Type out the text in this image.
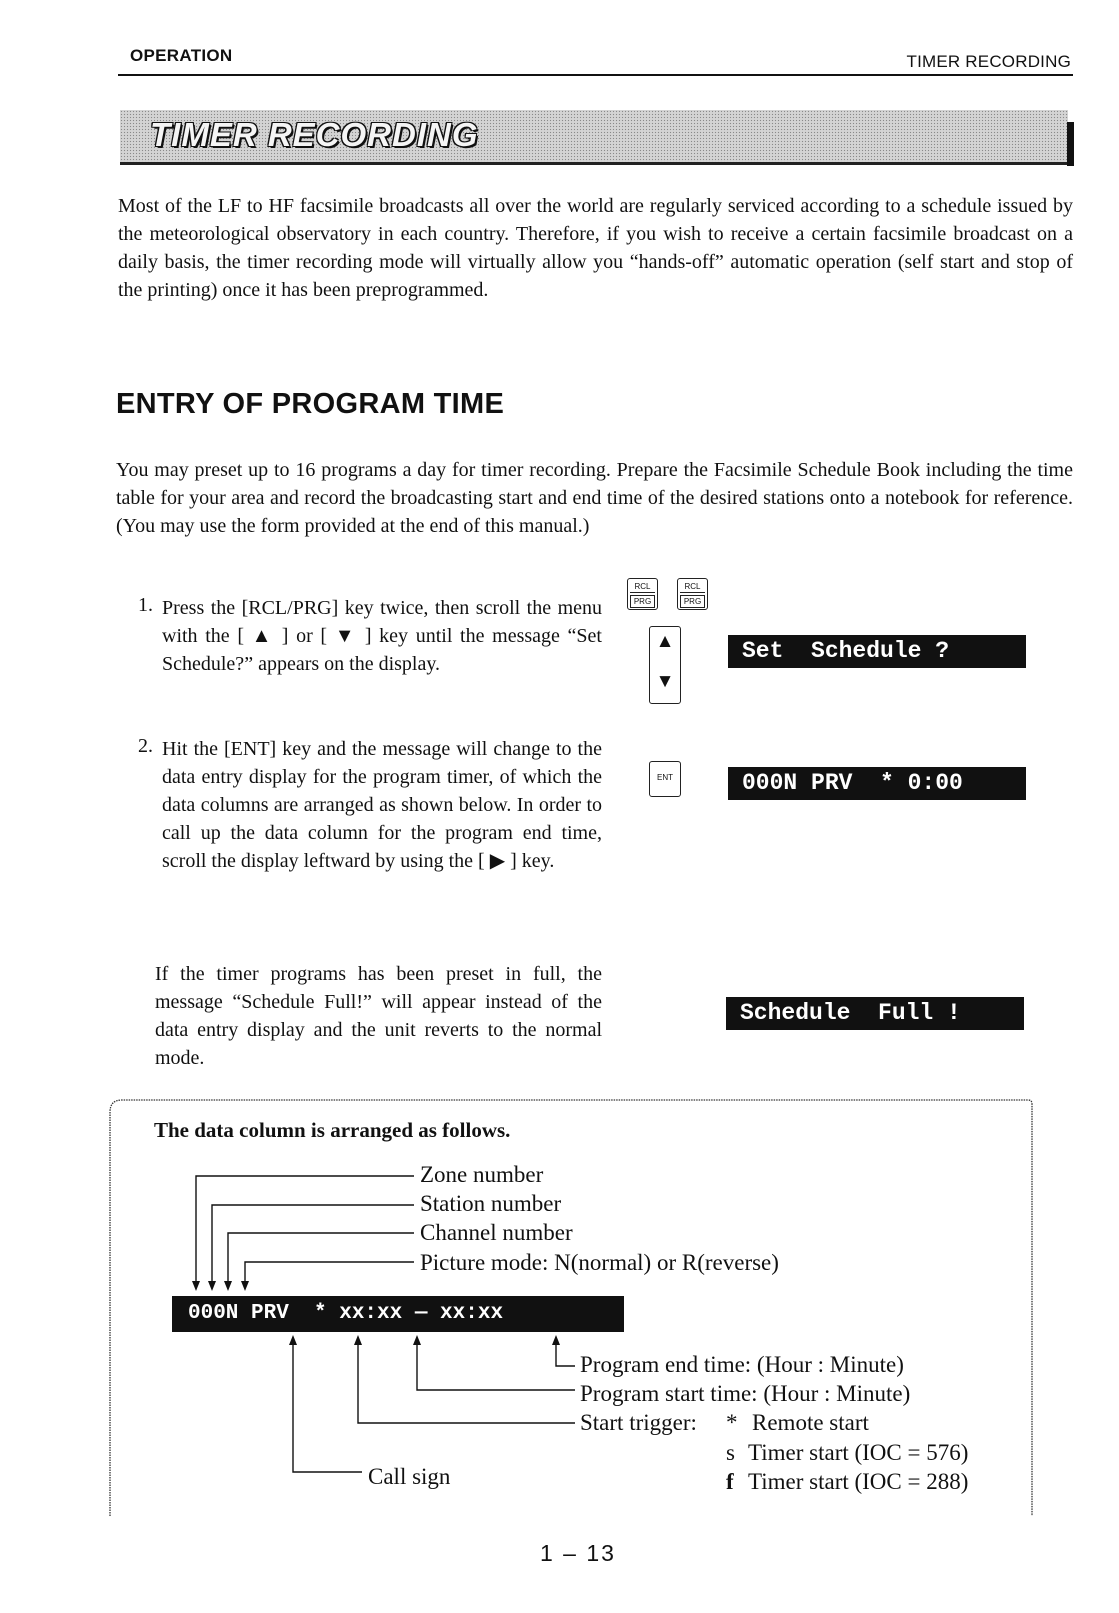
OPERATION	TIMER RECORDING
TIMER RECORDING

Most of the LF to HF facsimile broadcasts all over the world are regularly serviced according to a schedule issued by the meteorological observatory in each country. Therefore, if you wish to receive a certain facsimile broadcast on a daily basis, the timer recording mode will virtually allow you “hands-off” automatic operation (self start and stop of the printing) once it has been preprogrammed.

ENTRY OF PROGRAM TIME

You may preset up to 16 programs a day for timer recording. Prepare the Facsimile Schedule Book including the time table for your area and record the broadcasting start and end time of the desired stations onto a notebook for reference. (You may use the form provided at the end of this manual.)

1. Press the [RCL/PRG] key twice, then scroll the menu with the [ ▲ ] or [ ▼ ] key until the message “Set Schedule?” appears on the display.

2. Hit the [ENT] key and the message will change to the data entry display for the program timer, of which the data columns are arranged as shown below. In order to call up the data column for the program end time, scroll the display leftward by using the [ ▶ ] key.

If the timer programs has been preset in full, the message “Schedule Full!” will appear instead of the data entry display and the unit reverts to the normal mode.

RCL
PRG
RCL
PRG
▲
▼
ENT
Set  Schedule ?
000N PRV  * 0:00
Schedule  Full !
The data column is arranged as follows.
Zone number
Station number
Channel number
Picture mode: N(normal) or R(reverse)
000N PRV  * xx:xx — xx:xx
Program end time: (Hour : Minute)
Program start time: (Hour : Minute)
Start trigger: * Remote start
s Timer start (IOC = 576)
f Timer start (IOC = 288)
Call sign
1 – 13
